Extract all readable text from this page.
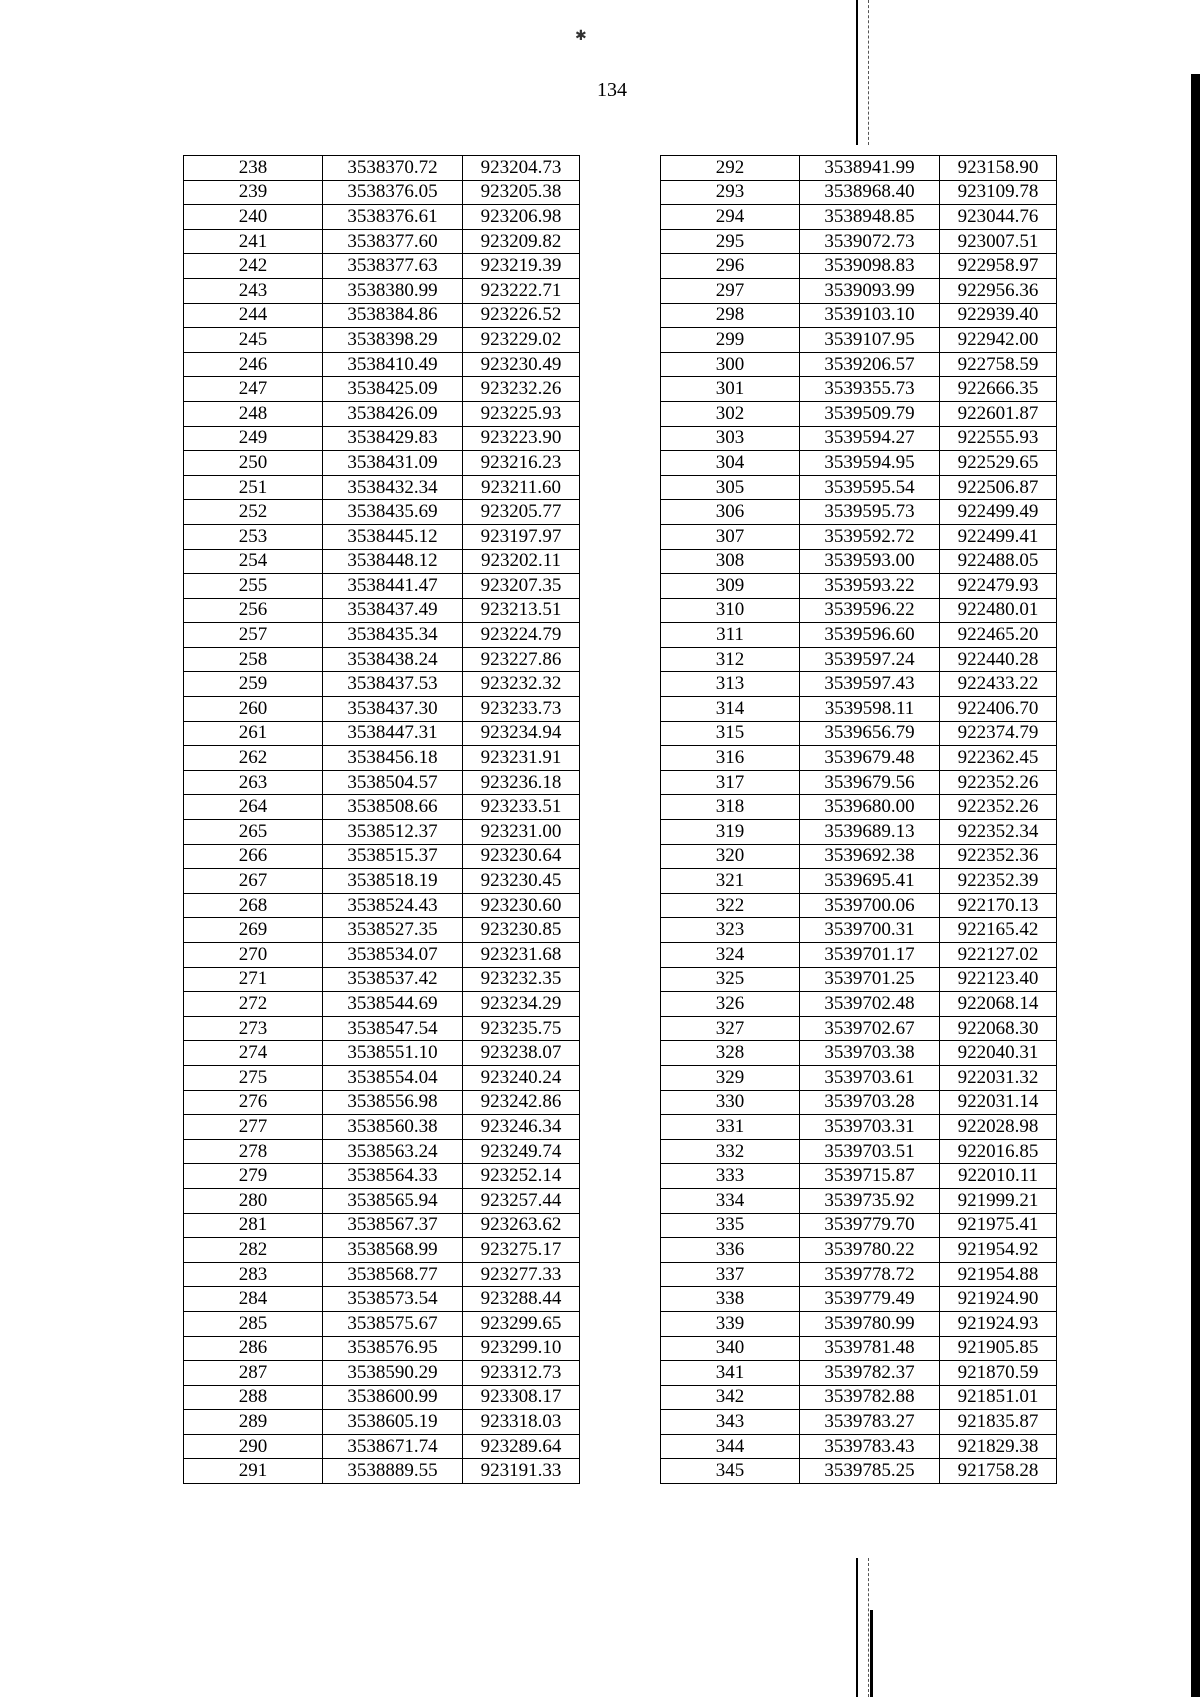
✱
134
238	3538370.72	923204.73
239	3538376.05	923205.38
240	3538376.61	923206.98
241	3538377.60	923209.82
242	3538377.63	923219.39
243	3538380.99	923222.71
244	3538384.86	923226.52
245	3538398.29	923229.02
246	3538410.49	923230.49
247	3538425.09	923232.26
248	3538426.09	923225.93
249	3538429.83	923223.90
250	3538431.09	923216.23
251	3538432.34	923211.60
252	3538435.69	923205.77
253	3538445.12	923197.97
254	3538448.12	923202.11
255	3538441.47	923207.35
256	3538437.49	923213.51
257	3538435.34	923224.79
258	3538438.24	923227.86
259	3538437.53	923232.32
260	3538437.30	923233.73
261	3538447.31	923234.94
262	3538456.18	923231.91
263	3538504.57	923236.18
264	3538508.66	923233.51
265	3538512.37	923231.00
266	3538515.37	923230.64
267	3538518.19	923230.45
268	3538524.43	923230.60
269	3538527.35	923230.85
270	3538534.07	923231.68
271	3538537.42	923232.35
272	3538544.69	923234.29
273	3538547.54	923235.75
274	3538551.10	923238.07
275	3538554.04	923240.24
276	3538556.98	923242.86
277	3538560.38	923246.34
278	3538563.24	923249.74
279	3538564.33	923252.14
280	3538565.94	923257.44
281	3538567.37	923263.62
282	3538568.99	923275.17
283	3538568.77	923277.33
284	3538573.54	923288.44
285	3538575.67	923299.65
286	3538576.95	923299.10
287	3538590.29	923312.73
288	3538600.99	923308.17
289	3538605.19	923318.03
290	3538671.74	923289.64
291	3538889.55	923191.33
292	3538941.99	923158.90
293	3538968.40	923109.78
294	3538948.85	923044.76
295	3539072.73	923007.51
296	3539098.83	922958.97
297	3539093.99	922956.36
298	3539103.10	922939.40
299	3539107.95	922942.00
300	3539206.57	922758.59
301	3539355.73	922666.35
302	3539509.79	922601.87
303	3539594.27	922555.93
304	3539594.95	922529.65
305	3539595.54	922506.87
306	3539595.73	922499.49
307	3539592.72	922499.41
308	3539593.00	922488.05
309	3539593.22	922479.93
310	3539596.22	922480.01
311	3539596.60	922465.20
312	3539597.24	922440.28
313	3539597.43	922433.22
314	3539598.11	922406.70
315	3539656.79	922374.79
316	3539679.48	922362.45
317	3539679.56	922352.26
318	3539680.00	922352.26
319	3539689.13	922352.34
320	3539692.38	922352.36
321	3539695.41	922352.39
322	3539700.06	922170.13
323	3539700.31	922165.42
324	3539701.17	922127.02
325	3539701.25	922123.40
326	3539702.48	922068.14
327	3539702.67	922068.30
328	3539703.38	922040.31
329	3539703.61	922031.32
330	3539703.28	922031.14
331	3539703.31	922028.98
332	3539703.51	922016.85
333	3539715.87	922010.11
334	3539735.92	921999.21
335	3539779.70	921975.41
336	3539780.22	921954.92
337	3539778.72	921954.88
338	3539779.49	921924.90
339	3539780.99	921924.93
340	3539781.48	921905.85
341	3539782.37	921870.59
342	3539782.88	921851.01
343	3539783.27	921835.87
344	3539783.43	921829.38
345	3539785.25	921758.28
